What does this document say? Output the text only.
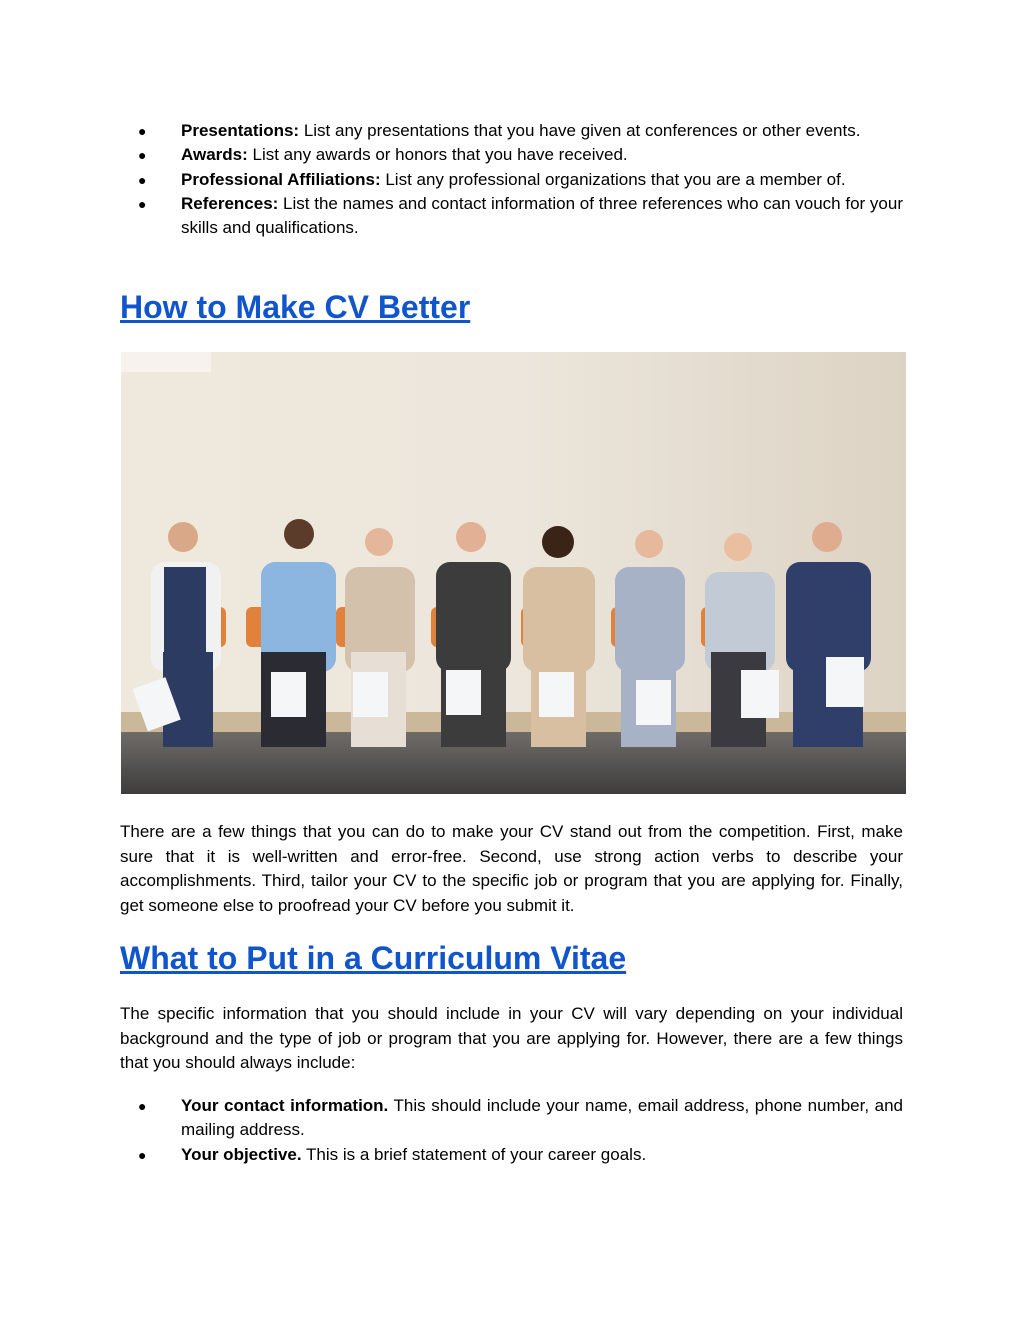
● Presentations: List any presentations that you have given at conferences or other events.
● Awards: List any awards or honors that you have received.
● Professional Affiliations: List any professional organizations that you are a member of.
● References: List the names and contact information of three references who can vouch for your skills and qualifications.
How to Make CV Better

There are a few things that you can do to make your CV stand out from the competition. First, make sure that it is well-written and error-free. Second, use strong action verbs to describe your accomplishments. Third, tailor your CV to the specific job or program that you are applying for. Finally, get someone else to proofread your CV before you submit it.

What to Put in a Curriculum Vitae

The specific information that you should include in your CV will vary depending on your individual background and the type of job or program that you are applying for. However, there are a few things that you should always include:

● Your contact information. This should include your name, email address, phone number, and mailing address.
● Your objective. This is a brief statement of your career goals.
